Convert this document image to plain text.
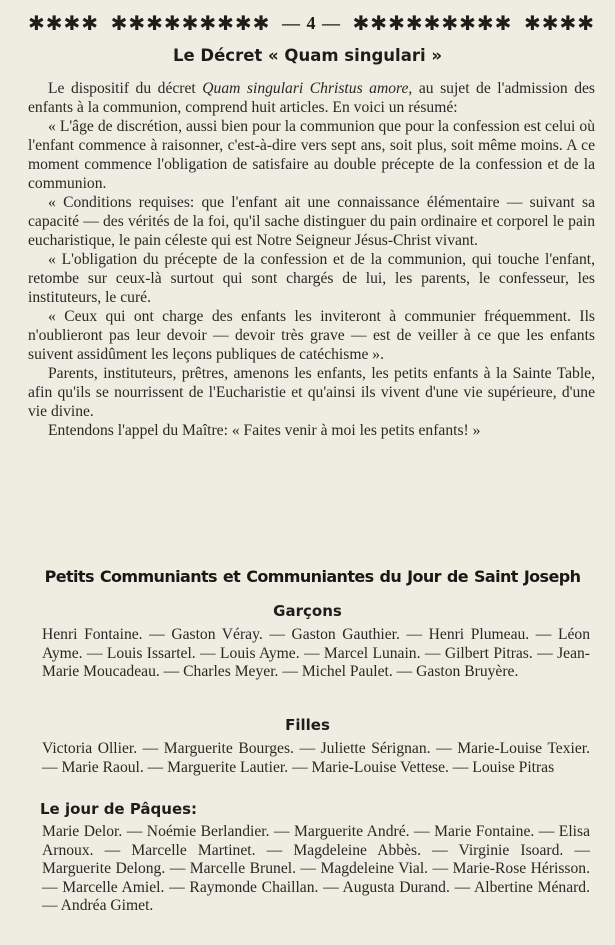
✱✱✱✱ ✱✱✱✱✱✱✱✱✱ — 4 — ✱✱✱✱✱✱✱✱✱ ✱✱✱✱
Le Décret « Quam singulari »

Le dispositif du décret Quam singulari Christus amore, au sujet de l'admission des enfants à la communion, comprend huit articles. En voici un résumé:

« L'âge de discrétion, aussi bien pour la communion que pour la confession est celui où l'enfant commence à raisonner, c'est-à-dire vers sept ans, soit plus, soit même moins. A ce moment commence l'obligation de satisfaire au double précepte de la confession et de la communion.

« Conditions requises: que l'enfant ait une connaissance élémentaire — suivant sa capacité — des vérités de la foi, qu'il sache distinguer du pain ordinaire et corporel le pain eucharistique, le pain céleste qui est Notre Seigneur Jésus-Christ vivant.

« L'obligation du précepte de la confession et de la communion, qui touche l'enfant, retombe sur ceux-là surtout qui sont chargés de lui, les parents, le confesseur, les instituteurs, le curé.

« Ceux qui ont charge des enfants les inviteront à communier fréquemment. Ils n'oublieront pas leur devoir — devoir très grave — est de veiller à ce que les enfants suivent assidûment les leçons publiques de catéchisme ».

Parents, instituteurs, prêtres, amenons les enfants, les petits enfants à la Sainte Table, afin qu'ils se nourrissent de l'Eucharistie et qu'ainsi ils vivent d'une vie supérieure, d'une vie divine.

Entendons l'appel du Maître: « Faites venir à moi les petits enfants! »

Petits Communiants et Communiantes du Jour de Saint Joseph
Garçons
Henri Fontaine. — Gaston Véray. — Gaston Gauthier. — Henri Plumeau. — Léon Ayme. — Louis Issartel. — Louis Ayme. — Marcel Lunain. — Gilbert Pitras. — Jean-Marie Moucadeau. — Charles Meyer. — Michel Paulet. — Gaston Bruyère.
Filles
Victoria Ollier. — Marguerite Bourges. — Juliette Sérignan. — Marie-Louise Texier. — Marie Raoul. — Marguerite Lautier. — Marie-Louise Vettese. — Louise Pitras
Le jour de Pâques:
Marie Delor. — Noémie Berlandier. — Marguerite André. — Marie Fontaine. — Elisa Arnoux. — Marcelle Martinet. — Magdeleine Abbès. — Virginie Isoard. — Marguerite Delong. — Marcelle Brunel. — Magdeleine Vial. — Marie-Rose Hérisson. — Marcelle Amiel. — Raymonde Chaillan. — Augusta Durand. — Albertine Ménard. — Andréa Gimet.
